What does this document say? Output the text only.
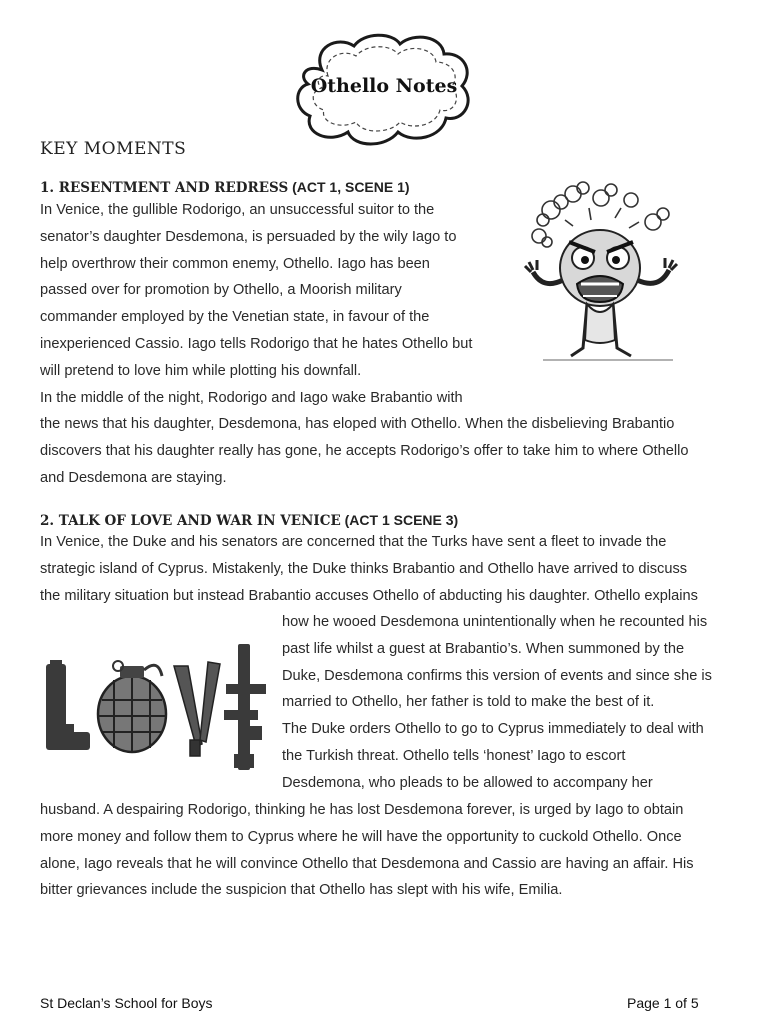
Othello Notes
KEY MOMENTS
1. RESENTMENT AND REDRESS (ACT 1, SCENE 1)
In Venice, the gullible Rodorigo, an unsuccessful suitor to the
senator’s daughter Desdemona, is persuaded by the wily Iago to
help overthrow their common enemy, Othello. Iago has been
passed over for promotion by Othello, a Moorish military
commander employed by the Venetian state, in favour of the
inexperienced Cassio. Iago tells Rodorigo that he hates Othello but
will pretend to love him while plotting his downfall.
In the middle of the night, Rodorigo and Iago wake Brabantio with
the news that his daughter, Desdemona, has eloped with Othello. When the disbelieving Brabantio
discovers that his daughter really has gone, he accepts Rodorigo’s offer to take him to where Othello
and Desdemona are staying.
2. TALK OF LOVE AND WAR IN VENICE (ACT 1 SCENE 3)
In Venice, the Duke and his senators are concerned that the Turks have sent a fleet to invade the
strategic island of Cyprus. Mistakenly, the Duke thinks Brabantio and Othello have arrived to discuss
the military situation but instead Brabantio accuses Othello of abducting his daughter. Othello explains
how he wooed Desdemona unintentionally when he recounted his
past life whilst a guest at Brabantio’s. When summoned by the
Duke, Desdemona confirms this version of events and since she is
married to Othello, her father is told to make the best of it.
The Duke orders Othello to go to Cyprus immediately to deal with
the Turkish threat. Othello tells ‘honest’ Iago to escort
Desdemona, who pleads to be allowed to accompany her
husband. A despairing Rodorigo, thinking he has lost Desdemona forever, is urged by Iago to obtain
more money and follow them to Cyprus where he will have the opportunity to cuckold Othello. Once
alone, Iago reveals that he will convince Othello that Desdemona and Cassio are having an affair. His
bitter grievances include the suspicion that Othello has slept with his wife, Emilia.
St Declan’s School for Boys	Page 1 of 5
